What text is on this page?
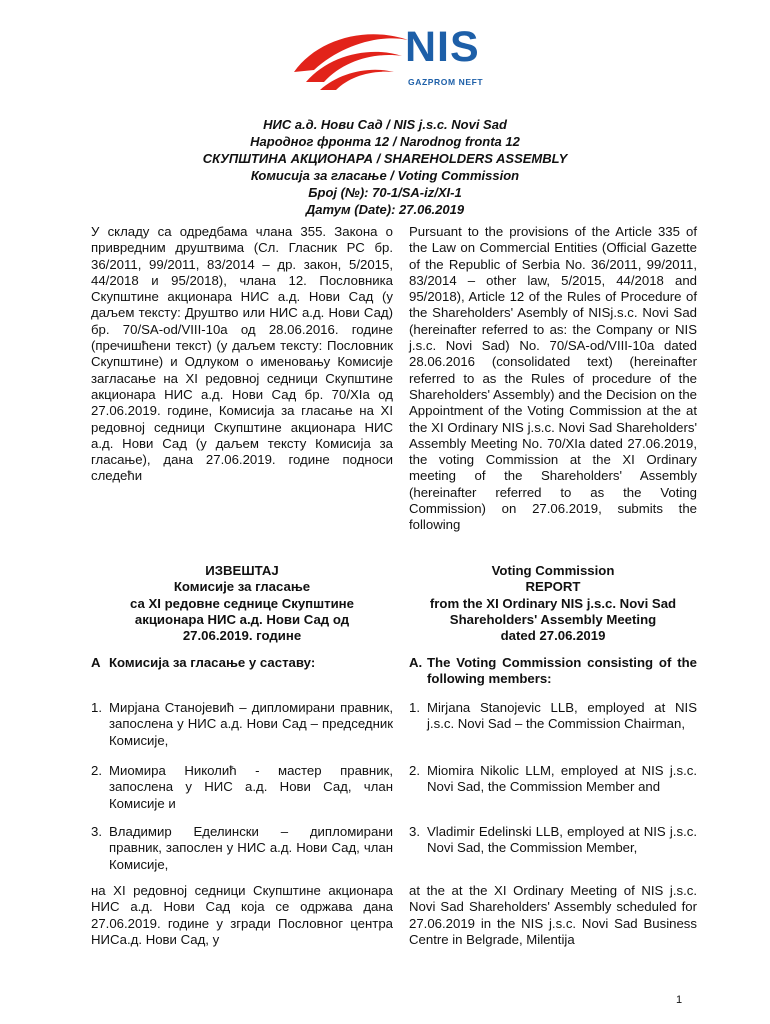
NIS
GAZPROM NEFT
НИС а.д. Нови Сад / NIS j.s.c. Novi Sad
Народног фронта 12 / Narodnog fronta 12
СКУПШТИНА АКЦИОНАРА / SHAREHOLDERS ASSEMBLY
Комисија за гласање / Voting Commission
Број (№): 70-1/SA-iz/XI-1
Датум (Date): 27.06.2019
У складу са одредбама члана 355. Закона о привредним друштвима (Сл. Гласник РС бр. 36/2011, 99/2011, 83/2014 – др. закон, 5/2015, 44/2018 и 95/2018), члана 12. Пословника Скупштине акционара НИС а.д. Нови Сад (у даљем тексту: Друштво или НИС а.д. Нови Сад) бр. 70/SA-od/VIII-10a од 28.06.2016. године (пречишћени текст) (у даљем тексту: Пословник Скупштине) и Одлуком о именовању Комисије загласање на XI редовној седници Скупштине акционара НИС а.д. Нови Сад бр. 70/XIа од 27.06.2019. године, Комисија за гласање на XI редовној седници Скупштине акционара НИС а.д. Нови Сад (у даљем тексту Комисија за гласање), дана 27.06.2019. године подноси следећи
Pursuant to the provisions of the Article 335 of the Law on Commercial Entities (Official Gazette of the Republic of Serbia No. 36/2011, 99/2011, 83/2014 – other law, 5/2015, 44/2018 and 95/2018), Article 12 of the Rules of Procedure of the Shareholders' Asembly of NISj.s.c. Novi Sad (hereinafter referred to as: the Company or NIS j.s.c. Novi Sad) No. 70/SA-od/VIII-10a dated 28.06.2016 (consolidated text) (hereinafter referred to as the Rules of procedure of the Shareholders' Assembly) and the Decision on the Appointment of the Voting Commission at the at the XI Ordinary NIS j.s.c. Novi Sad Shareholders' Assembly Meeting No. 70/XIa dated 27.06.2019, the voting Commission at the XI Ordinary meeting of the Shareholders' Assembly (hereinafter referred to as the Voting Commission) on 27.06.2019, submits the following
ИЗВЕШТАЈ
Комисије за гласање
са XI редовне седнице Скупштине
акционара НИС а.д. Нови Сад од
27.06.2019. године
Voting Commission
REPORT
from the XI Ordinary NIS j.s.c. Novi Sad
Shareholders' Assembly Meeting
dated 27.06.2019
А Комисија за гласање у саставу:	A. The Voting Commission consisting of the following members:
1. Мирјана Станојевић – дипломирани правник, запослена у НИС а.д. Нови Сад – председник Комисије,
2. Миомира Николић - мастер правник, запослена у НИС а.д. Нови Сад, члан Комисије и
3. Владимир Еделински – дипломирани правник, запослен у НИС а.д. Нови Сад, члан Комисије,
1. Mirjana Stanojevic LLB, employed at NIS j.s.c. Novi Sad – the Commission Chairman,
2. Miomira Nikolic LLM, employed at NIS j.s.c. Novi Sad, the Commission Member and
3. Vladimir Edelinski LLB, employed at NIS j.s.c. Novi Sad, the Commission Member,
на XI редовној седници Скупштине акционара НИС а.д. Нови Сад која се одржава дана 27.06.2019. године у згради Пословног центра НИСа.д. Нови Сад, у
at the at the XI Ordinary Meeting of NIS j.s.c. Novi Sad Shareholders' Assembly scheduled for 27.06.2019 in the NIS j.s.c. Novi Sad Business Centre in Belgrade, Milentija
1
